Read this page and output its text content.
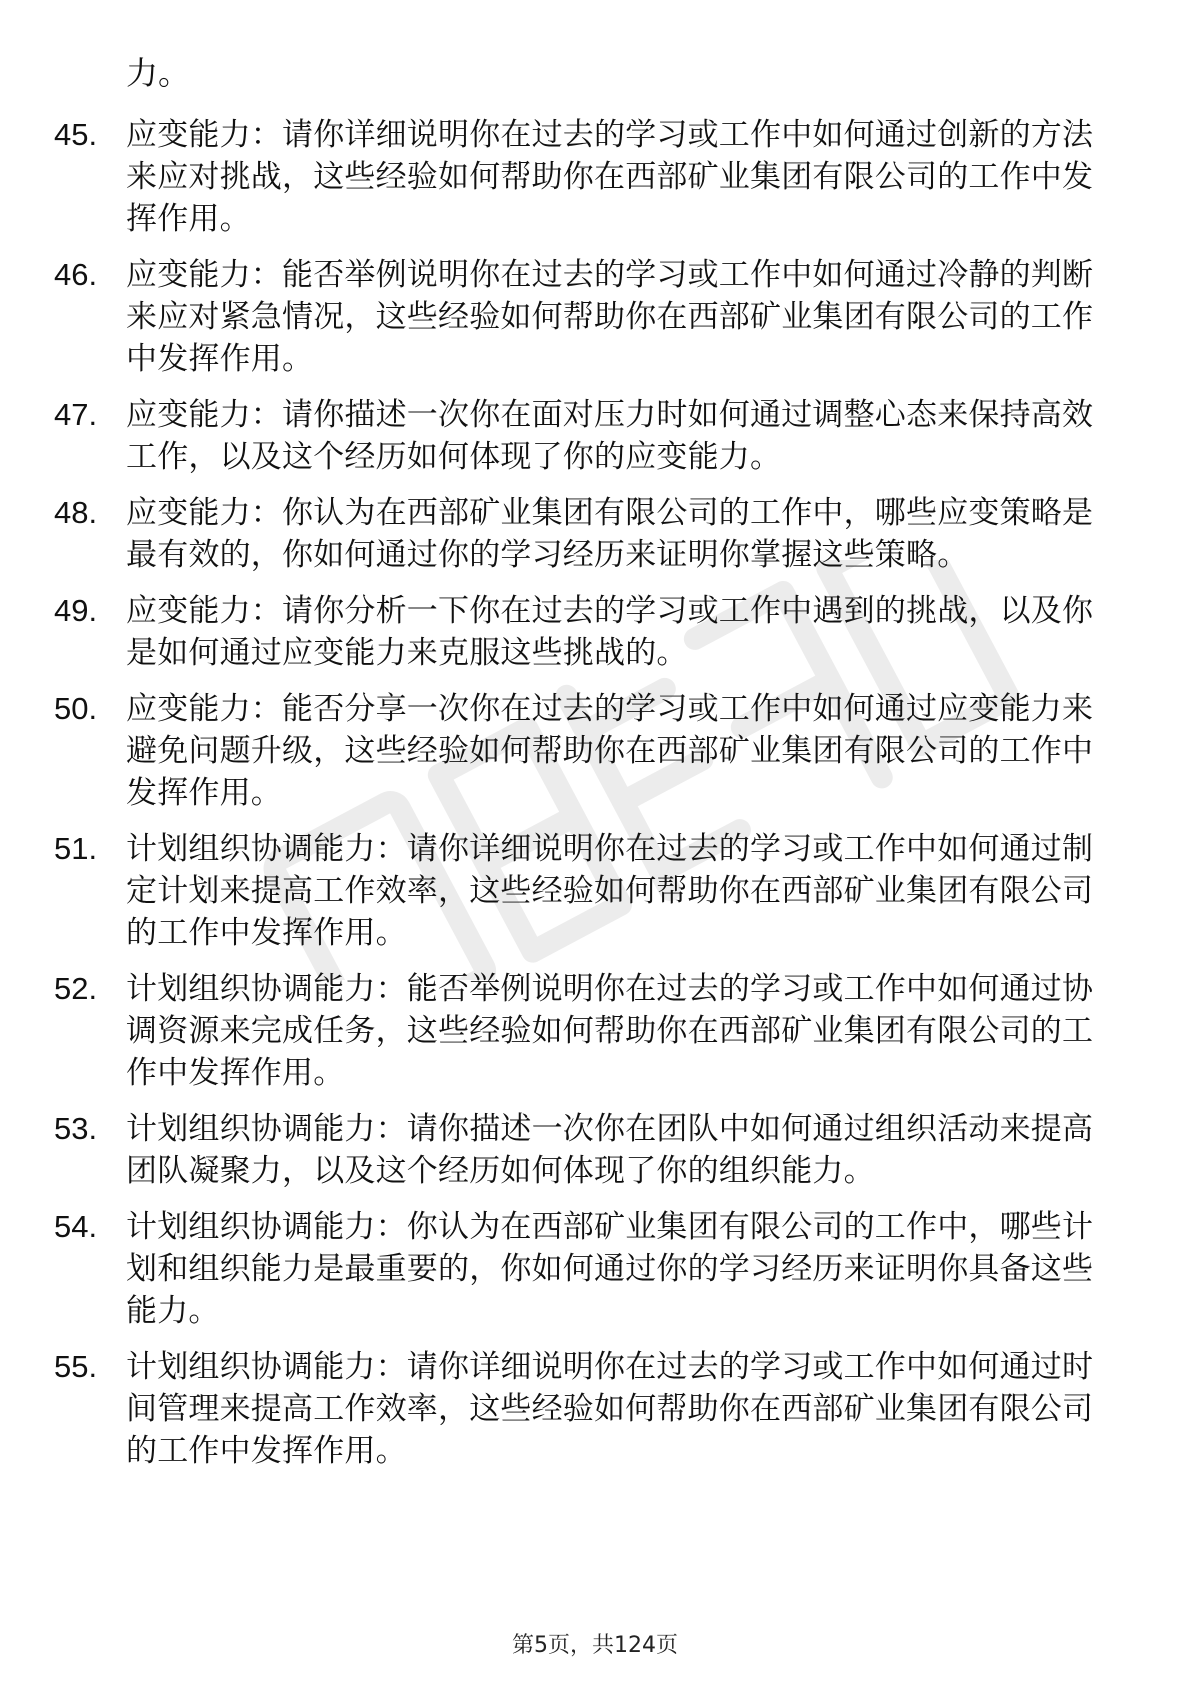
力。
45. 应变能力：请你详细说明你在过去的学习或工作中如何通过创新的方法来应对挑战，这些经验如何帮助你在西部矿业集团有限公司的工作中发挥作用。
46. 应变能力：能否举例说明你在过去的学习或工作中如何通过冷静的判断来应对紧急情况，这些经验如何帮助你在西部矿业集团有限公司的工作中发挥作用。
47. 应变能力：请你描述一次你在面对压力时如何通过调整心态来保持高效工作，以及这个经历如何体现了你的应变能力。
48. 应变能力：你认为在西部矿业集团有限公司的工作中，哪些应变策略是最有效的，你如何通过你的学习经历来证明你掌握这些策略。
49. 应变能力：请你分析一下你在过去的学习或工作中遇到的挑战，以及你是如何通过应变能力来克服这些挑战的。
50. 应变能力：能否分享一次你在过去的学习或工作中如何通过应变能力来避免问题升级，这些经验如何帮助你在西部矿业集团有限公司的工作中发挥作用。
51. 计划组织协调能力：请你详细说明你在过去的学习或工作中如何通过制定计划来提高工作效率，这些经验如何帮助你在西部矿业集团有限公司的工作中发挥作用。
52. 计划组织协调能力：能否举例说明你在过去的学习或工作中如何通过协调资源来完成任务，这些经验如何帮助你在西部矿业集团有限公司的工作中发挥作用。
53. 计划组织协调能力：请你描述一次你在团队中如何通过组织活动来提高团队凝聚力，以及这个经历如何体现了你的组织能力。
54. 计划组织协调能力：你认为在西部矿业集团有限公司的工作中，哪些计划和组织能力是最重要的，你如何通过你的学习经历来证明你具备这些能力。
55. 计划组织协调能力：请你详细说明你在过去的学习或工作中如何通过时间管理来提高工作效率，这些经验如何帮助你在西部矿业集团有限公司的工作中发挥作用。
第5页，共124页
